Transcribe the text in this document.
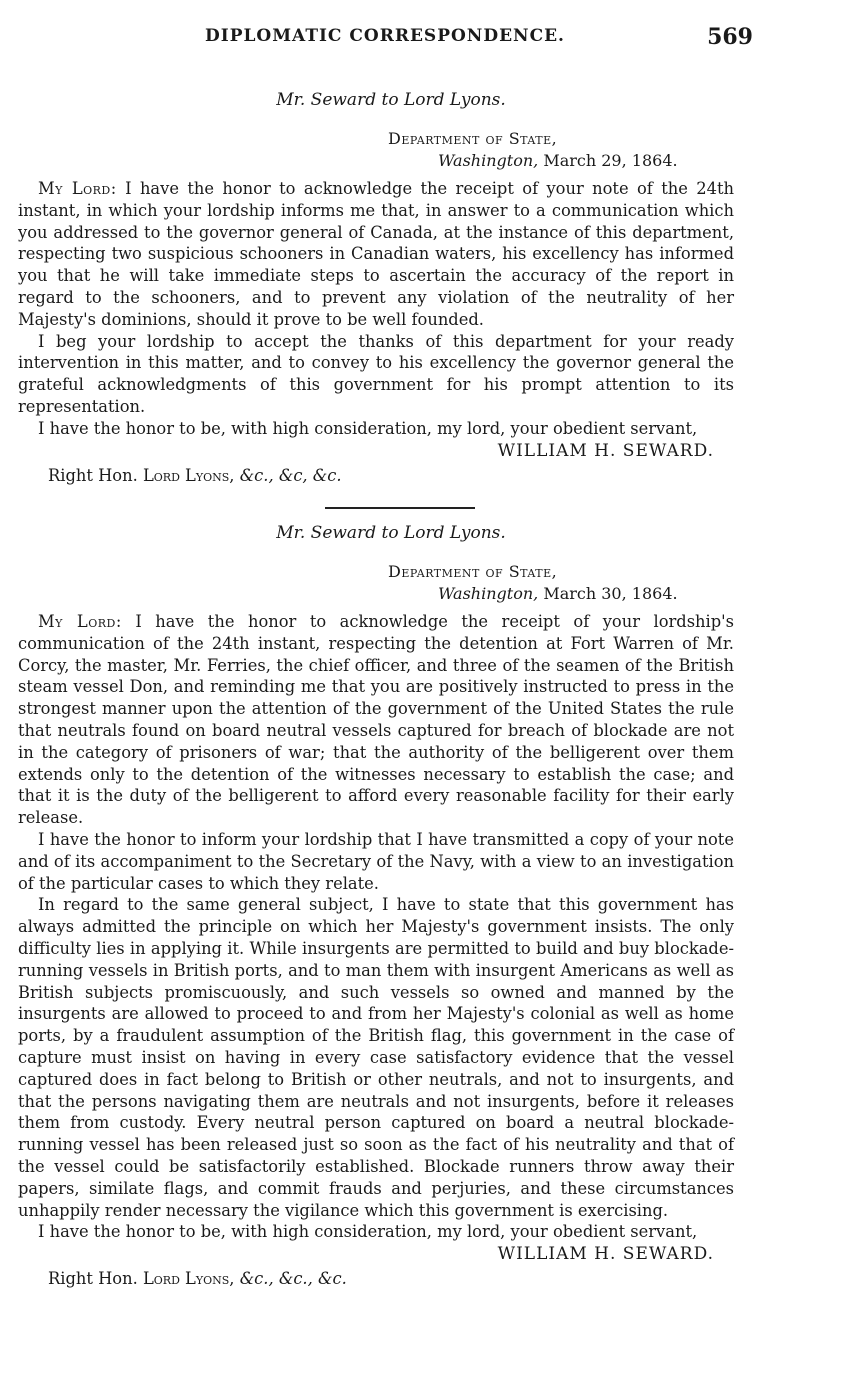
DIPLOMATIC CORRESPONDENCE.	569
Mr. Seward to Lord Lyons.
Department of State,
Washington, March 29, 1864.

My Lord: I have the honor to acknowledge the receipt of your note of the 24th instant, in which your lordship informs me that, in answer to a communication which you addressed to the governor general of Canada, at the instance of this department, respecting two suspicious schooners in Canadian waters, his excellency has informed you that he will take immediate steps to ascertain the accuracy of the report in regard to the schooners, and to prevent any violation of the neutrality of her Majesty's dominions, should it prove to be well founded.

I beg your lordship to accept the thanks of this department for your ready intervention in this matter, and to convey to his excellency the governor general the grateful acknowledgments of this government for his prompt attention to its representation.

I have the honor to be, with high consideration, my lord, your obedient servant,

WILLIAM H. SEWARD.
Right Hon. Lord Lyons, &c., &c, &c.
Mr. Seward to Lord Lyons.
Department of State,
Washington, March 30, 1864.

My Lord: I have the honor to acknowledge the receipt of your lordship's communication of the 24th instant, respecting the detention at Fort Warren of Mr. Corcy, the master, Mr. Ferries, the chief officer, and three of the seamen of the British steam vessel Don, and reminding me that you are positively instructed to press in the strongest manner upon the attention of the government of the United States the rule that neutrals found on board neutral vessels captured for breach of blockade are not in the category of prisoners of war; that the authority of the belligerent over them extends only to the detention of the witnesses necessary to establish the case; and that it is the duty of the belligerent to afford every reasonable facility for their early release.

I have the honor to inform your lordship that I have transmitted a copy of your note and of its accompaniment to the Secretary of the Navy, with a view to an investigation of the particular cases to which they relate.

In regard to the same general subject, I have to state that this government has always admitted the principle on which her Majesty's government insists. The only difficulty lies in applying it. While insurgents are permitted to build and buy blockade-running vessels in British ports, and to man them with insurgent Americans as well as British subjects promiscuously, and such vessels so owned and manned by the insurgents are allowed to proceed to and from her Majesty's colonial as well as home ports, by a fraudulent assumption of the British flag, this government in the case of capture must insist on having in every case satisfactory evidence that the vessel captured does in fact belong to British or other neutrals, and not to insurgents, and that the persons navigating them are neutrals and not insurgents, before it releases them from custody. Every neutral person captured on board a neutral blockade-running vessel has been released just so soon as the fact of his neutrality and that of the vessel could be satisfactorily established. Blockade runners throw away their papers, similate flags, and commit frauds and perjuries, and these circumstances unhappily render necessary the vigilance which this government is exercising.

I have the honor to be, with high consideration, my lord, your obedient servant,

WILLIAM H. SEWARD.
Right Hon. Lord Lyons, &c., &c., &c.
